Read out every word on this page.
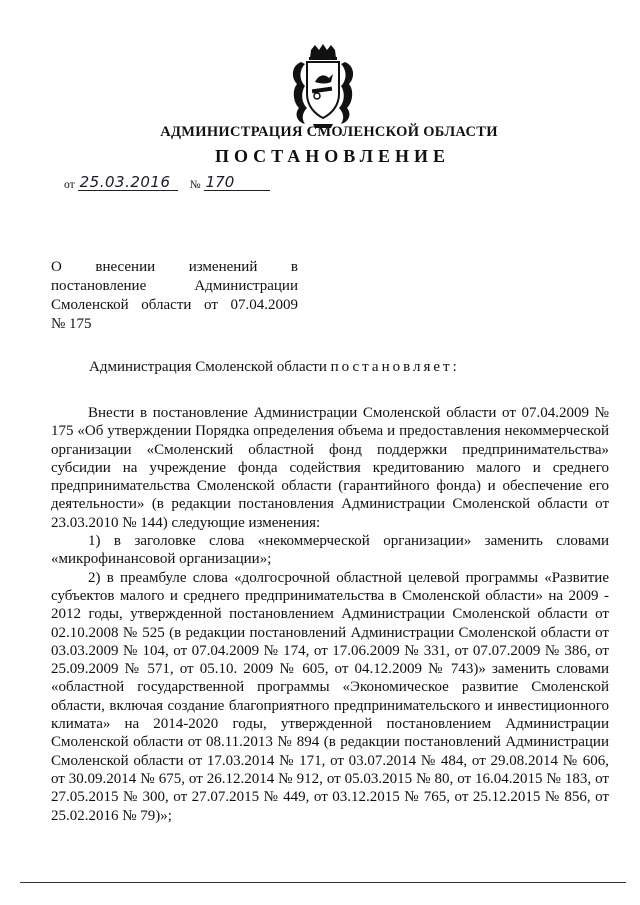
АДМИНИСТРАЦИЯ СМОЛЕНСКОЙ ОБЛАСТИ
ПОСТАНОВЛЕНИЕ
от 25.03.2016 № 170
О внесении изменений в
постановление Администрации
Смоленской области от 07.04.2009
№ 175
Администрация Смоленской области постановляет:

Внести в постановление Администрации Смоленской области от 07.04.2009 № 175 «Об утверждении Порядка определения объема и предоставления некоммерческой организации «Смоленский областной фонд поддержки предпринимательства» субсидии на учреждение фонда содействия кредитованию малого и среднего предпринимательства Смоленской области (гарантийного фонда) и обеспечение его деятельности» (в редакции постановления Администрации Смоленской области от 23.03.2010 № 144) следующие изменения:

1) в заголовке слова «некоммерческой организации» заменить словами «микрофинансовой организации»;

2) в преамбуле слова «долгосрочной областной целевой программы «Развитие субъектов малого и среднего предпринимательства в Смоленской области» на 2009 - 2012 годы, утвержденной постановлением Администрации Смоленской области от 02.10.2008 № 525 (в редакции постановлений Администрации Смоленской области от 03.03.2009 № 104, от 07.04.2009 № 174, от 17.06.2009 № 331, от 07.07.2009 № 386, от 25.09.2009 № 571, от 05.10. 2009 № 605, от 04.12.2009 № 743)» заменить словами «областной государственной программы «Экономическое развитие Смоленской области, включая создание благоприятного предпринимательского и инвестиционного климата» на 2014-2020 годы, утвержденной постановлением Администрации Смоленской области от 08.11.2013 № 894 (в редакции постановлений Администрации Смоленской области от 17.03.2014 № 171, от 03.07.2014 № 484, от 29.08.2014 № 606, от 30.09.2014 № 675, от 26.12.2014 № 912, от 05.03.2015 № 80, от 16.04.2015 № 183, от 27.05.2015 № 300, от 27.07.2015 № 449, от 03.12.2015 № 765, от 25.12.2015 № 856, от 25.02.2016 № 79)»;
